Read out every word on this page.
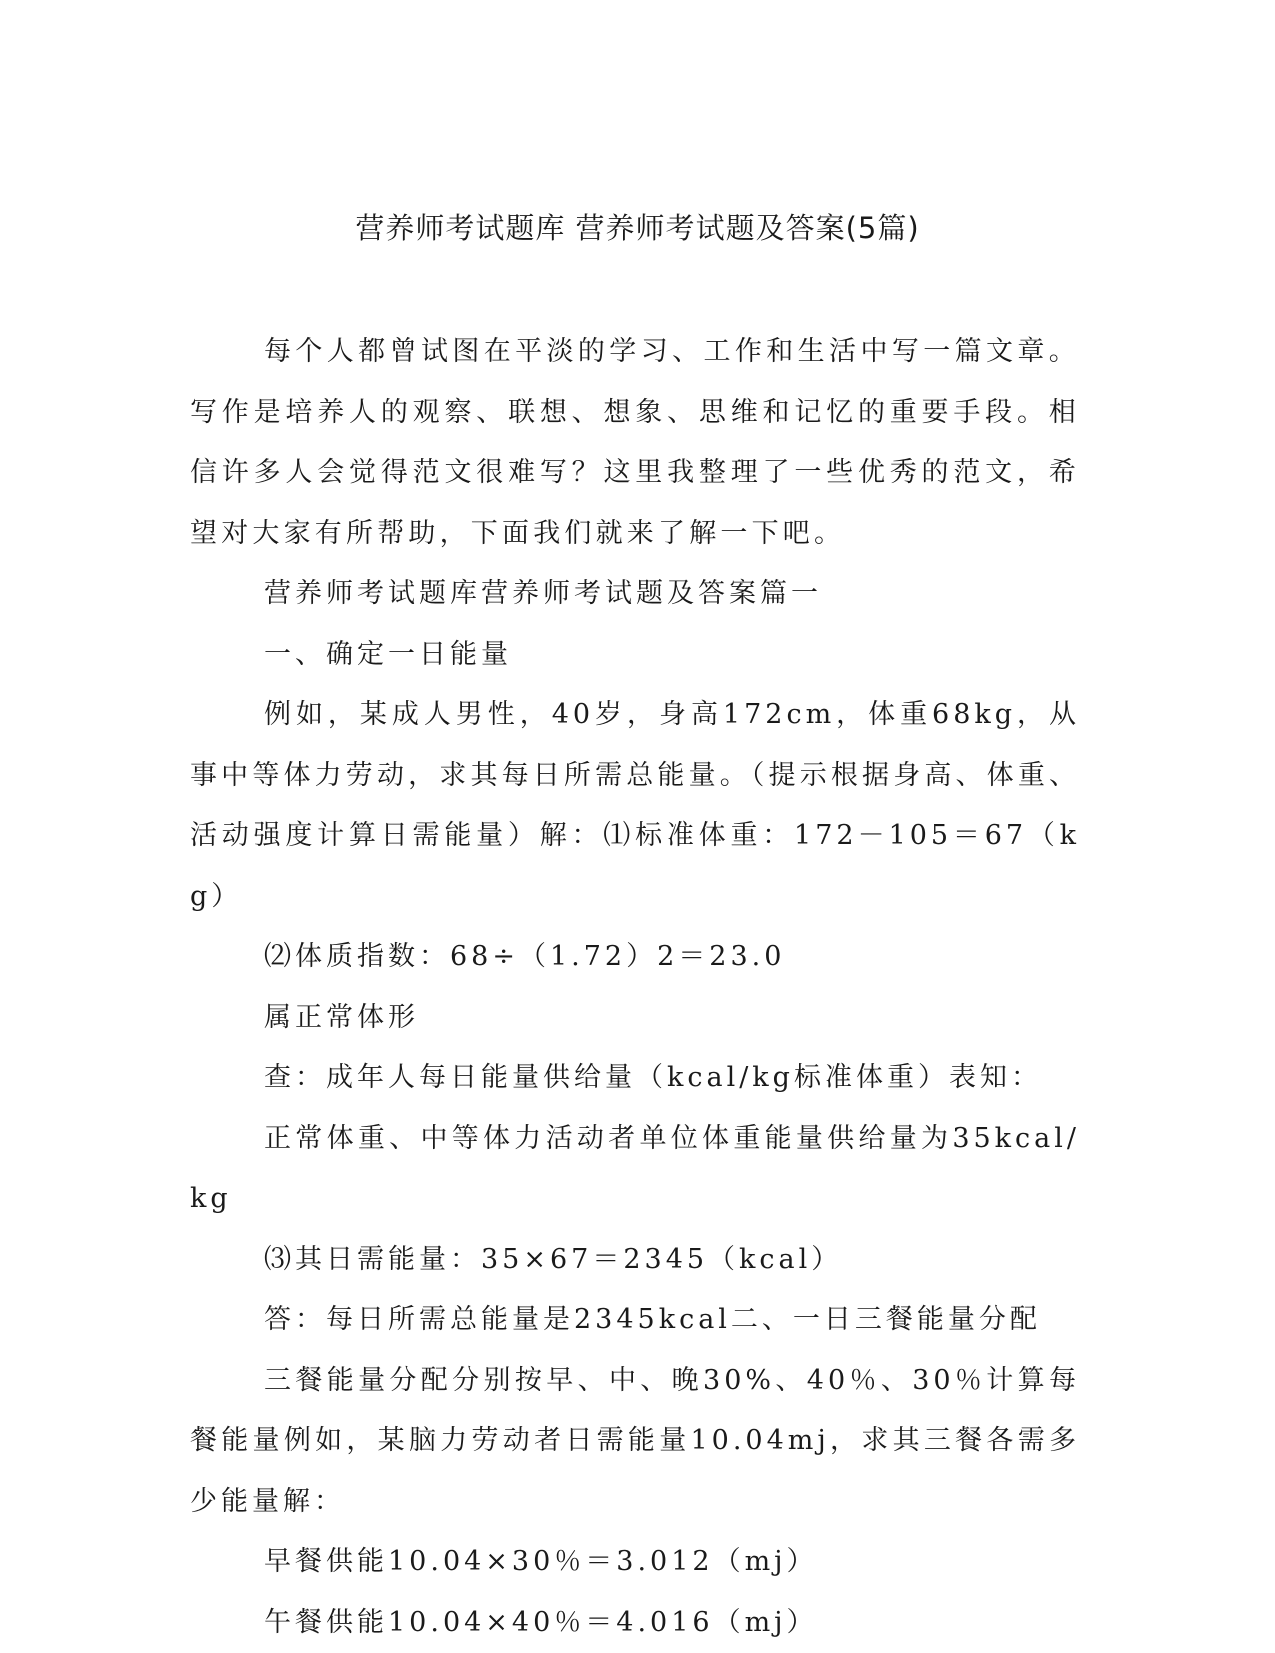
营养师考试题库 营养师考试题及答案(5篇)

每个人都曾试图在平淡的学习、工作和生活中写一篇文章。写作是培养人的观察、联想、想象、思维和记忆的重要手段。相信许多人会觉得范文很难写？这里我整理了一些优秀的范文，希望对大家有所帮助，下面我们就来了解一下吧。

营养师考试题库营养师考试题及答案篇一

一、确定一日能量

例如，某成人男性，40岁，身高172cm，体重68kg，从事中等体力劳动，求其每日所需总能量。（提示根据身高、体重、活动强度计算日需能量）解：⑴标准体重：172－105＝67（kg）

⑵体质指数：68÷（1.72）2＝23.0

属正常体形

查：成年人每日能量供给量（kcal/kg标准体重）表知：

正常体重、中等体力活动者单位体重能量供给量为35kcal/kg

⑶其日需能量：35×67＝2345（kcal）

答：每日所需总能量是2345kcal二、一日三餐能量分配

三餐能量分配分别按早、中、晚30%、40％、30％计算每餐能量例如，某脑力劳动者日需能量10.04mj，求其三餐各需多少能量解：

早餐供能10.04×30％＝3.012（mj）

午餐供能10.04×40％＝4.016（mj）
